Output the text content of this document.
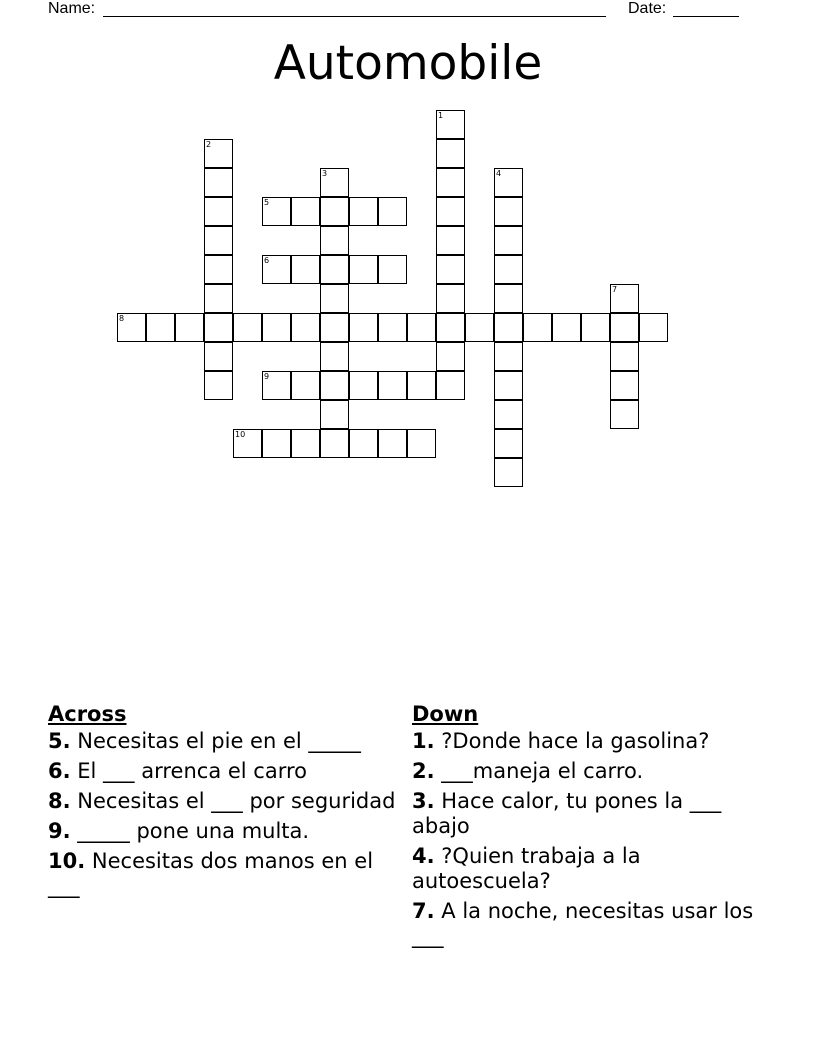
Name:	Date:
Automobile
1
2
3	4
5
6
7
8
9
10
Across
5. Necesitas el pie en el _____
6. El ___ arrenca el carro
8. Necesitas el ___ por seguridad
9. _____ pone una multa.
10. Necesitas dos manos en el ___
Down
1. ?Donde hace la gasolina?
2. ___maneja el carro.
3. Hace calor, tu pones la ___ abajo
4. ?Quien trabaja a la autoescuela?
7. A la noche, necesitas usar los ___
